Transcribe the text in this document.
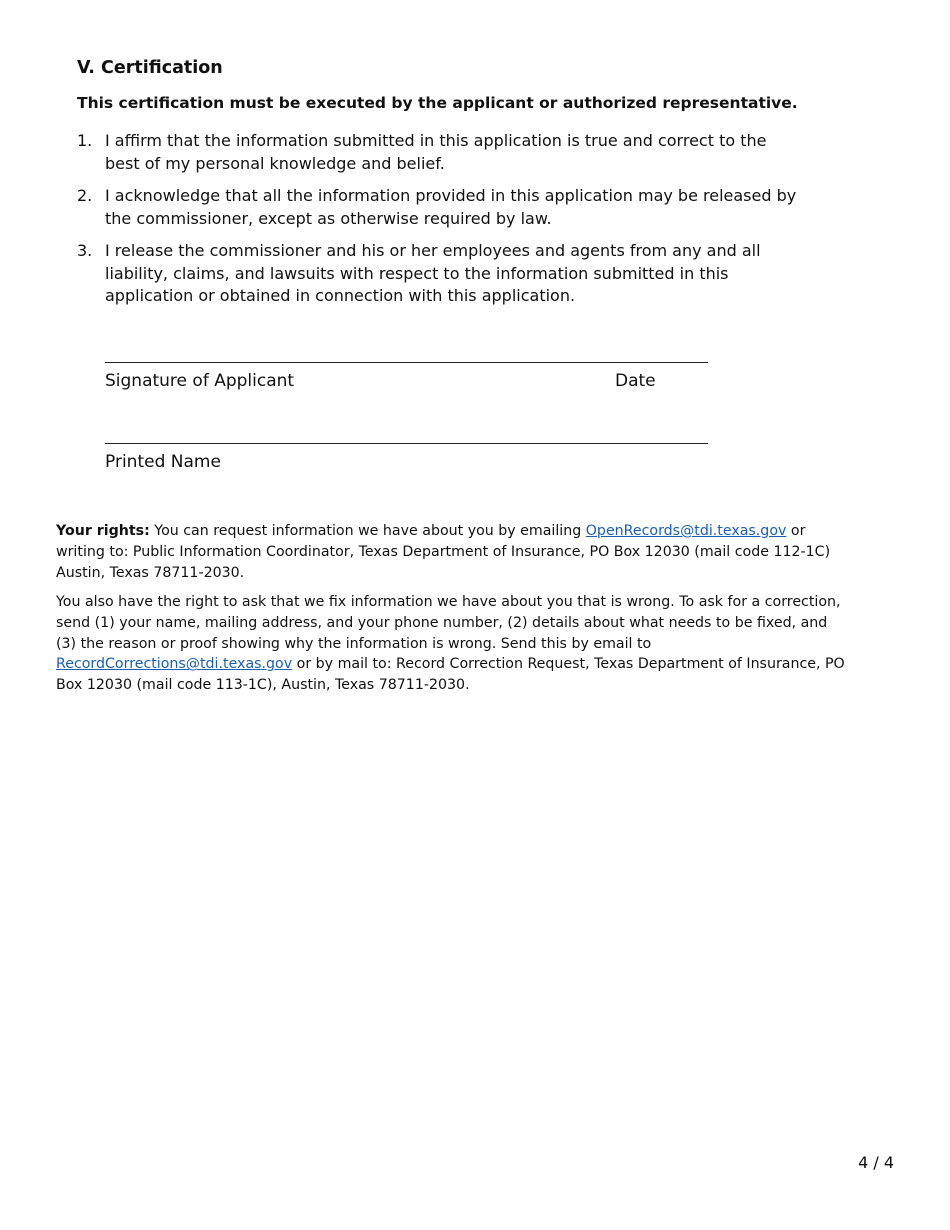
V. Certification

This certification must be executed by the applicant or authorized representative.

1. I affirm that the information submitted in this application is true and correct to the best of my personal knowledge and belief.
2. I acknowledge that all the information provided in this application may be released by the commissioner, except as otherwise required by law.
3. I release the commissioner and his or her employees and agents from any and all liability, claims, and lawsuits with respect to the information submitted in this application or obtained in connection with this application.

Signature of Applicant	Date

Printed Name

Your rights: You can request information we have about you by emailing OpenRecords@tdi.texas.gov or writing to: Public Information Coordinator, Texas Department of Insurance, PO Box 12030 (mail code 112-1C) Austin, Texas 78711-2030.

You also have the right to ask that we fix information we have about you that is wrong. To ask for a correction, send (1) your name, mailing address, and your phone number, (2) details about what needs to be fixed, and (3) the reason or proof showing why the information is wrong. Send this by email to RecordCorrections@tdi.texas.gov or by mail to: Record Correction Request, Texas Department of Insurance, PO Box 12030 (mail code 113-1C), Austin, Texas 78711-2030.

4 / 4
